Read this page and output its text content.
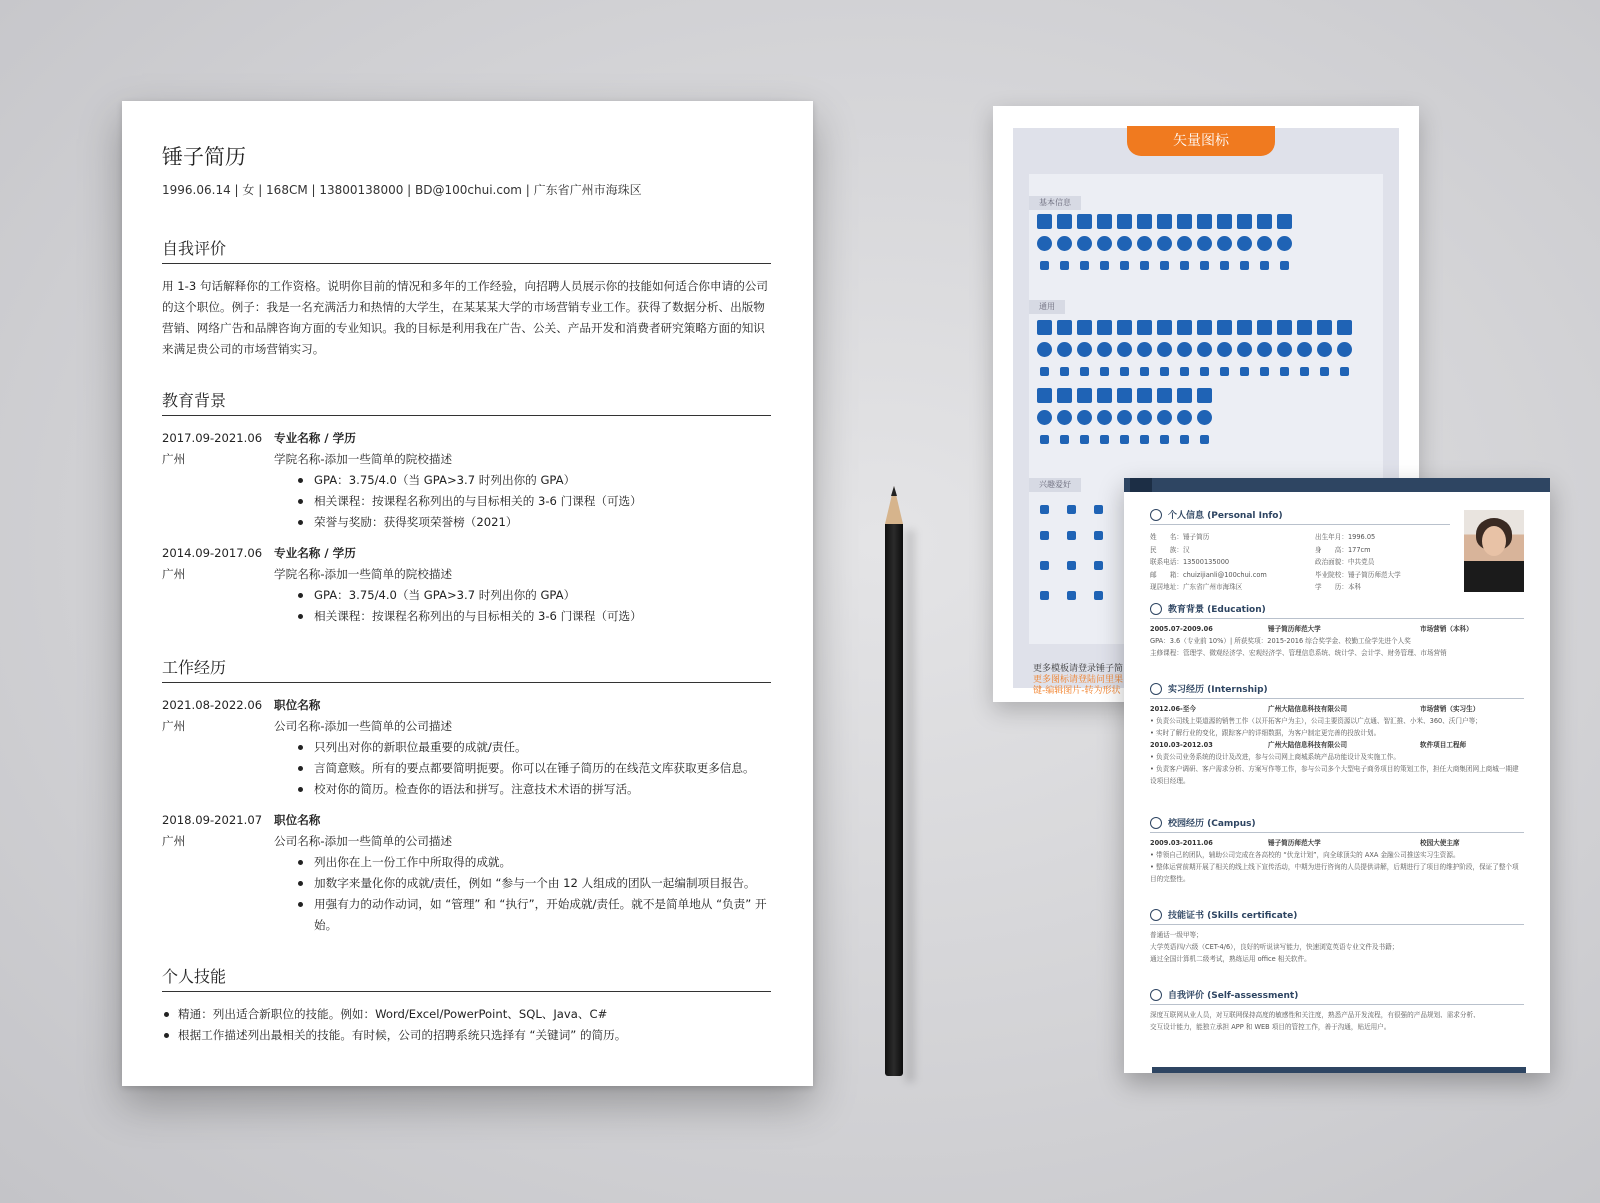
锤子简历
1996.06.14 | 女 | 168CM | 13800138000 | BD@100chui.com | 广东省广州市海珠区
自我评价

用 1-3 句话解释你的工作资格。说明你目前的情况和多年的工作经验，向招聘人员展示你的技能如何适合你申请的公司的这个职位。例子：我是一名充满活力和热情的大学生，在某某某大学的市场营销专业工作。获得了数据分析、出版物营销、网络广告和品牌咨询方面的专业知识。我的目标是利用我在广告、公关、产品开发和消费者研究策略方面的知识来满足贵公司的市场营销实习。

教育背景
2017.09-2021.06	专业名称 / 学历
广州	学院名称-添加一些简单的院校描述
GPA：3.75/4.0（当 GPA>3.7 时列出你的 GPA）
相关课程：按课程名称列出的与目标相关的 3-6 门课程（可选）
荣誉与奖励：获得奖项荣誉榜（2021）
2014.09-2017.06	专业名称 / 学历
广州	学院名称-添加一些简单的院校描述
GPA：3.75/4.0（当 GPA>3.7 时列出你的 GPA）
相关课程：按课程名称列出的与目标相关的 3-6 门课程（可选）
工作经历
2021.08-2022.06	职位名称
广州	公司名称-添加一些简单的公司描述
只列出对你的新职位最重要的成就/责任。
言简意赅。所有的要点都要简明扼要。你可以在锤子简历的在线范文库获取更多信息。
校对你的简历。检查你的语法和拼写。注意技术术语的拼写活。
2018.09-2021.07	职位名称
广州	公司名称-添加一些简单的公司描述
列出你在上一份工作中所取得的成就。
加数字来量化你的成就/责任，例如 “参与一个由 12 人组成的团队一起编制项目报告。
用强有力的动作动词，如 “管理” 和 “执行”，开始成就/责任。就不是简单地从 “负责” 开始。
个人技能
精通：列出适合新职位的技能。例如：Word/Excel/PowerPoint、SQL、Java、C#
根据工作描述列出最相关的技能。有时候，公司的招聘系统只选择有 “关键词” 的简历。
矢量图标
基本信息
通用
兴趣爱好
更多模板请登录锤子简
更多图标请登陆问里果
键-编辑图片-转为形状
个人信息 (Personal Info)
姓　　名：锤子简历	出生年月：1996.05
民　　族：汉	身　　高：177cm
联系电话：13500135000	政治面貌：中共党员
邮　　箱：chuizijianli@100chui.com	毕业院校：锤子简历师范大学
现居地址：广东省广州市海珠区	学　　历：本科
教育背景 (Education)
2005.07-2009.06	锤子简历师范大学	市场营销（本科）
GPA：3.6（专业前 10%）| 所获奖项：2015-2016 综合奖学金、校勤工俭学先进个人奖
主修课程：管理学、微观经济学、宏观经济学、管理信息系统、统计学、会计学、财务管理、市场营销
实习经历 (Internship)
2012.06-至今	广州大陆信息科技有限公司	市场营销（实习生）
• 负责公司线上渠道源的销售工作（以开拓客户为主），公司主要资源以广点通、智汇推、小米、360、沃门户等；
• 实时了解行业的变化，跟踪客户的详细数据，为客户制定更完善的投放计划。
2010.03-2012.03	广州大陆信息科技有限公司	软件项目工程师
• 负责公司业务系统的设计及改进，参与公司网上商城系统产品功能设计及实施工作。
• 负责客户调研、客户需求分析、方案写作等工作，参与公司多个大型电子商务项目的策划工作，担任大商集团网上商城一期建设项目经理。
校园经历 (Campus)
2009.03-2011.06	锤子简历师范大学	校园大使主席
• 带领自己的团队，辅助公司完成在各高校的 “伏龙计划”，向全球顶尖的 AXA 金融公司推送实习生资源。
• 整体运营前期开展了相关的线上线下宣传活动，中期为进行咨询的人员提供讲解，后期进行了项目的维护阶段，保证了整个项目的完整性。
技能证书 (Skills certificate)
普通话一级甲等；
大学英语四/六级（CET-4/6），良好的听说读写能力，快速浏览英语专业文件及书籍；
通过全国计算机二级考试，熟练运用 office 相关软件。
自我评价 (Self-assessment)
深度互联网从业人员，对互联网保持高度的敏感性和关注度，熟悉产品开发流程，有很强的产品规划、需求分析、
交互设计能力，能独立承担 APP 和 WEB 项目的管控工作，善于沟通，贴近用户。
